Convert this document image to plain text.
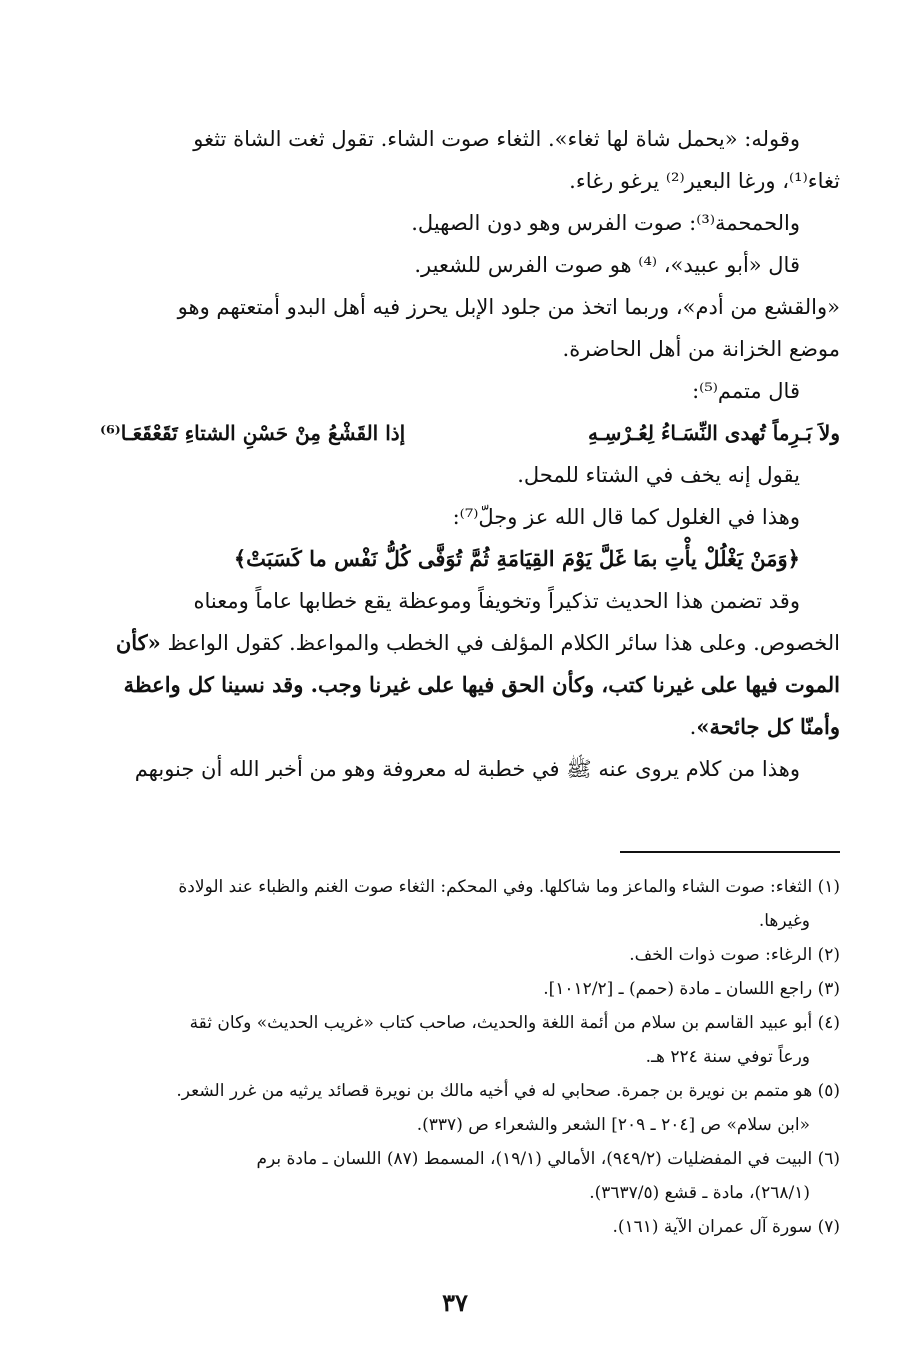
وقوله: «يحمل شاة لها ثغاء». الثغاء صوت الشاء. تقول ثغت الشاة تثغو

ثغاء⁽¹⁾، ورغا البعير⁽²⁾ يرغو رغاء.

والحمحمة⁽³⁾: صوت الفرس وهو دون الصهيل.

قال «أبو عبيد»، ⁽⁴⁾ هو صوت الفرس للشعير.

«والقشع من أدم»، وربما اتخذ من جلود الإبل يحرز فيه أهل البدو أمتعتهم وهو

موضع الخزانة من أهل الحاضرة.

قال متمم⁽⁵⁾:

ولاَ بَـرِماً تُهدى النِّسَـاءُ لِعُـرْسِـهِ
إذا القَشْعُ مِنْ حَسْنِ الشتاءِ تَقَعْقَعَـا⁽⁶⁾

يقول إنه يخف في الشتاء للمحل.

وهذا في الغلول كما قال الله عز وجلّ⁽⁷⁾:

﴿وَمَنْ يَغْلُلْ يأْتِ بمَا غَلَّ يَوْمَ القِيَامَةِ ثُمَّ تُوَفَّى كُلُّ نَفْس ما كَسَبَتْ﴾

وقد تضمن هذا الحديث تذكيراً وتخويفاً وموعظة يقع خطابها عاماً ومعناه

الخصوص. وعلى هذا سائر الكلام المؤلف في الخطب والمواعظ. كقول الواعظ «كأن

الموت فيها على غيرنا كتب، وكأن الحق فيها على غيرنا وجب. وقد نسينا كل واعظة

وأمنّا كل جائحة».

وهذا من كلام يروى عنه ﷺ في خطبة له معروفة وهو من أخبر الله أن جنوبهم

(١) الثغاء: صوت الشاء والماعز وما شاكلها. وفي المحكم: الثغاء صوت الغنم والظباء عند الولادة

وغيرها.

(٢) الرغاء: صوت ذوات الخف.

(٣) راجع اللسان ـ مادة (حمم) ـ [١٠١٢/٢].

(٤) أبو عبيد القاسم بن سلام من أئمة اللغة والحديث، صاحب كتاب «غريب الحديث» وكان ثقة

ورعاً توفي سنة ٢٢٤ هـ.

(٥) هو متمم بن نويرة بن جمرة. صحابي له في أخيه مالك بن نويرة قصائد يرثيه من غرر الشعر.

«ابن سلام» ص [٢٠٤ ـ ٢٠٩] الشعر والشعراء ص (٣٣٧).

(٦) البيت في المفضليات (٩٤٩/٢)، الأمالي (١٩/١)، المسمط (٨٧) اللسان ـ مادة برم

(٢٦٨/١)، مادة ـ قشع (٣٦٣٧/٥).

(٧) سورة آل عمران الآية (١٦١).

٣٧
